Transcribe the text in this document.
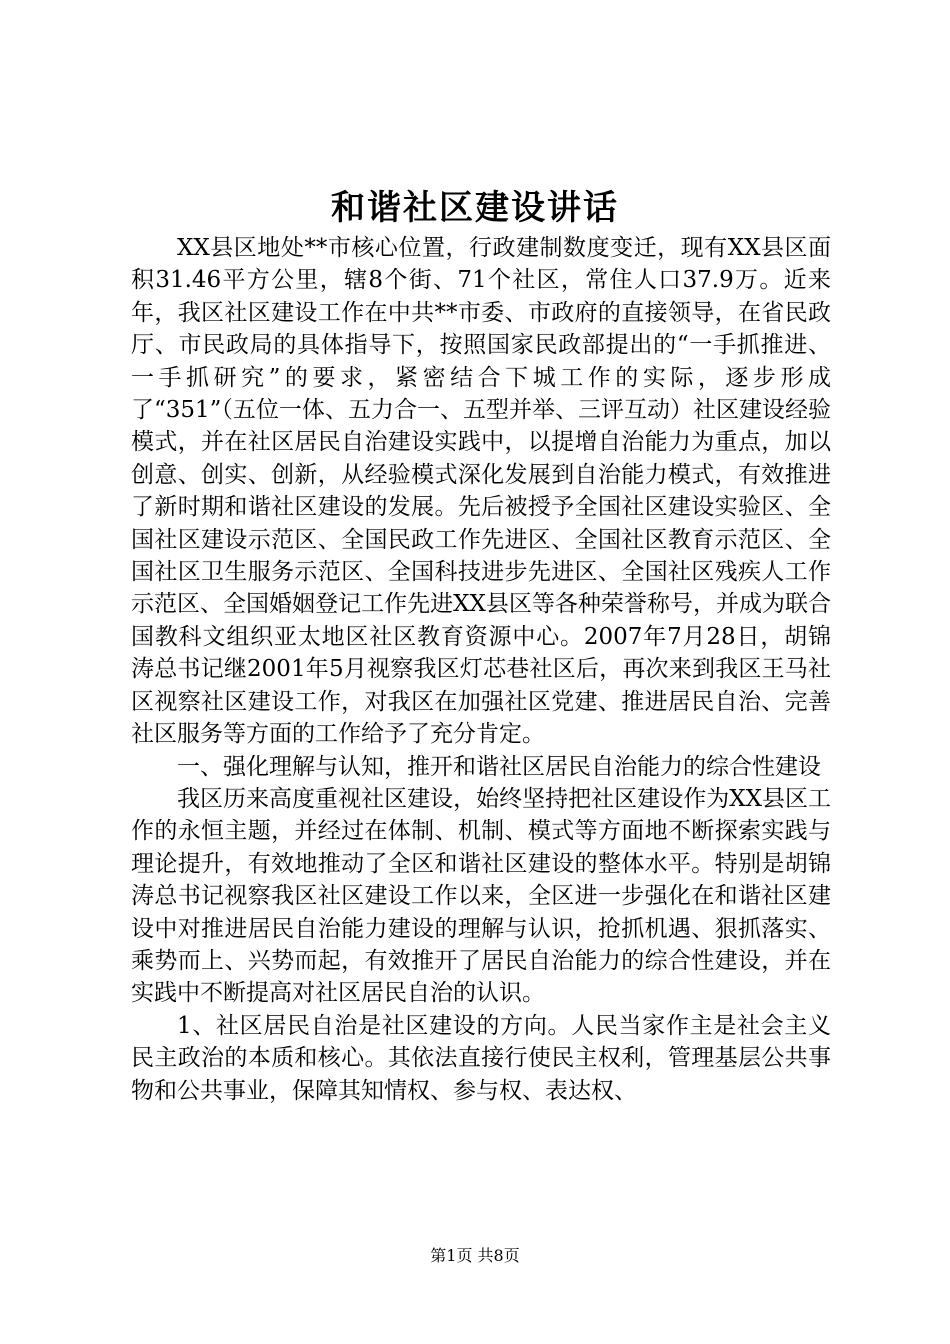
和谐社区建设讲话

XX县区地处**市核心位置，行政建制数度变迁，现有XX县区面积31.46平方公里，辖8个街、71个社区，常住人口37.9万。近来年，我区社区建设工作在中共**市委、市政府的直接领导，在省民政厅、市民政局的具体指导下，按照国家民政部提出的“一手抓推进、一手抓研究”的要求，紧密结合下城工作的实际，逐步形成了“351”（五位一体、五力合一、五型并举、三评互动）社区建设经验模式，并在社区居民自治建设实践中，以提增自治能力为重点，加以创意、创实、创新，从经验模式深化发展到自治能力模式，有效推进了新时期和谐社区建设的发展。先后被授予全国社区建设实验区、全国社区建设示范区、全国民政工作先进区、全国社区教育示范区、全国社区卫生服务示范区、全国科技进步先进区、全国社区残疾人工作示范区、全国婚姻登记工作先进XX县区等各种荣誉称号，并成为联合国教科文组织亚太地区社区教育资源中心。2007年7月28日，胡锦涛总书记继2001年5月视察我区灯芯巷社区后，再次来到我区王马社区视察社区建设工作，对我区在加强社区党建、推进居民自治、完善社区服务等方面的工作给予了充分肯定。

一、强化理解与认知，推开和谐社区居民自治能力的综合性建设

我区历来高度重视社区建设，始终坚持把社区建设作为XX县区工作的永恒主题，并经过在体制、机制、模式等方面地不断探索实践与理论提升，有效地推动了全区和谐社区建设的整体水平。特别是胡锦涛总书记视察我区社区建设工作以来，全区进一步强化在和谐社区建设中对推进居民自治能力建设的理解与认识，抢抓机遇、狠抓落实、乘势而上、兴势而起，有效推开了居民自治能力的综合性建设，并在实践中不断提高对社区居民自治的认识。

1、社区居民自治是社区建设的方向。人民当家作主是社会主义民主政治的本质和核心。其依法直接行使民主权利，管理基层公共事物和公共事业，保障其知情权、参与权、表达权、

第1页 共8页
